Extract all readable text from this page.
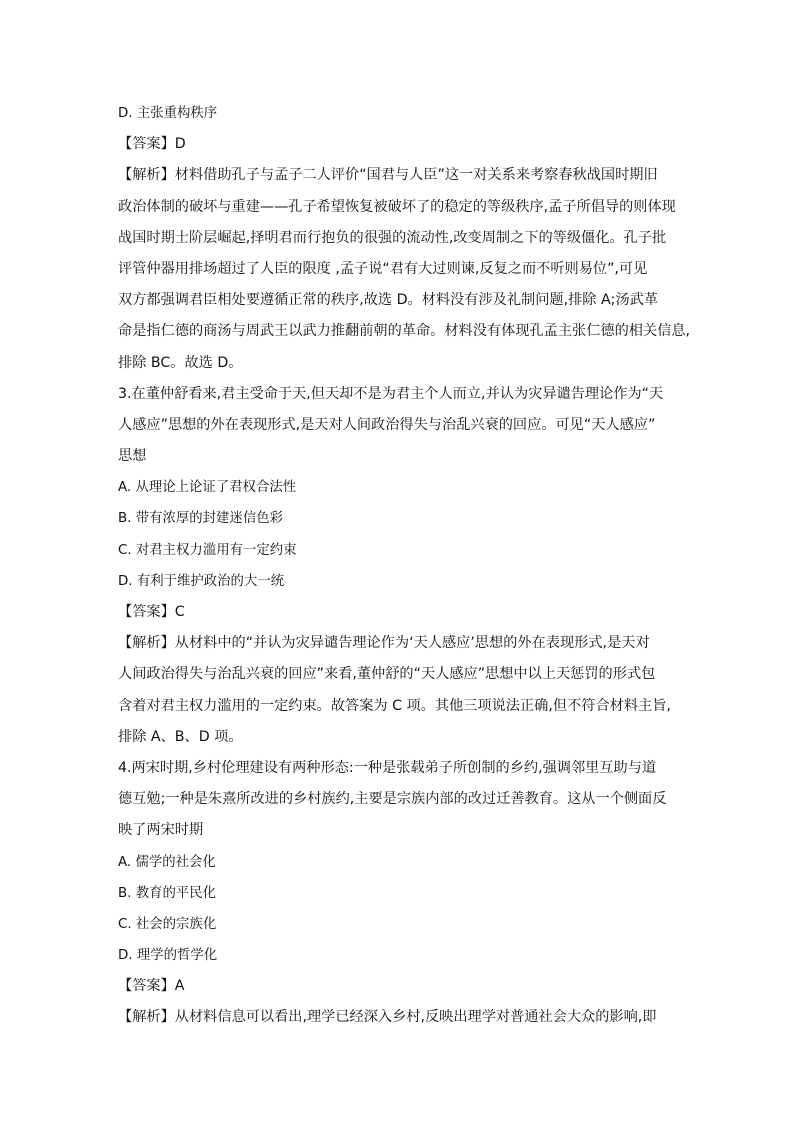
D. 主张重构秩序
【答案】D
【解析】材料借助孔子与孟子二人评价“国君与人臣”这一对关系来考察春秋战国时期旧
政治体制的破坏与重建——孔子希望恢复被破坏了的稳定的等级秩序,孟子所倡导的则体现
战国时期士阶层崛起,择明君而行抱负的很强的流动性,改变周制之下的等级僵化。孔子批
评管仲器用排场超过了人臣的限度 ,孟子说“君有大过则谏,反复之而不听则易位”,可见
双方都强调君臣相处要遵循正常的秩序,故选 D。材料没有涉及礼制问题,排除 A;汤武革
命是指仁德的商汤与周武王以武力推翻前朝的革命。材料没有体现孔孟主张仁德的相关信息,
排除 BC。故选 D。
3.在董仲舒看来,君主受命于天,但天却不是为君主个人而立,并认为灾异谴告理论作为“天
人感应”思想的外在表现形式,是天对人间政治得失与治乱兴衰的回应。可见“天人感应”
思想
A. 从理论上论证了君权合法性
B. 带有浓厚的封建迷信色彩
C. 对君主权力滥用有一定约束
D. 有利于维护政治的大一统
【答案】C
【解析】从材料中的“并认为灾异谴告理论作为‘天人感应’思想的外在表现形式,是天对
人间政治得失与治乱兴衰的回应”来看,董仲舒的“天人感应”思想中以上天惩罚的形式包
含着对君主权力滥用的一定约束。故答案为 C 项。其他三项说法正确,但不符合材料主旨,
排除 A、B、D 项。
4.两宋时期,乡村伦理建设有两种形态:一种是张载弟子所创制的乡约,强调邻里互助与道
德互勉;一种是朱熹所改进的乡村族约,主要是宗族内部的改过迁善教育。这从一个侧面反
映了两宋时期
A. 儒学的社会化
B. 教育的平民化
C. 社会的宗族化
D. 理学的哲学化
【答案】A
【解析】从材料信息可以看出,理学已经深入乡村,反映出理学对普通社会大众的影响,即
